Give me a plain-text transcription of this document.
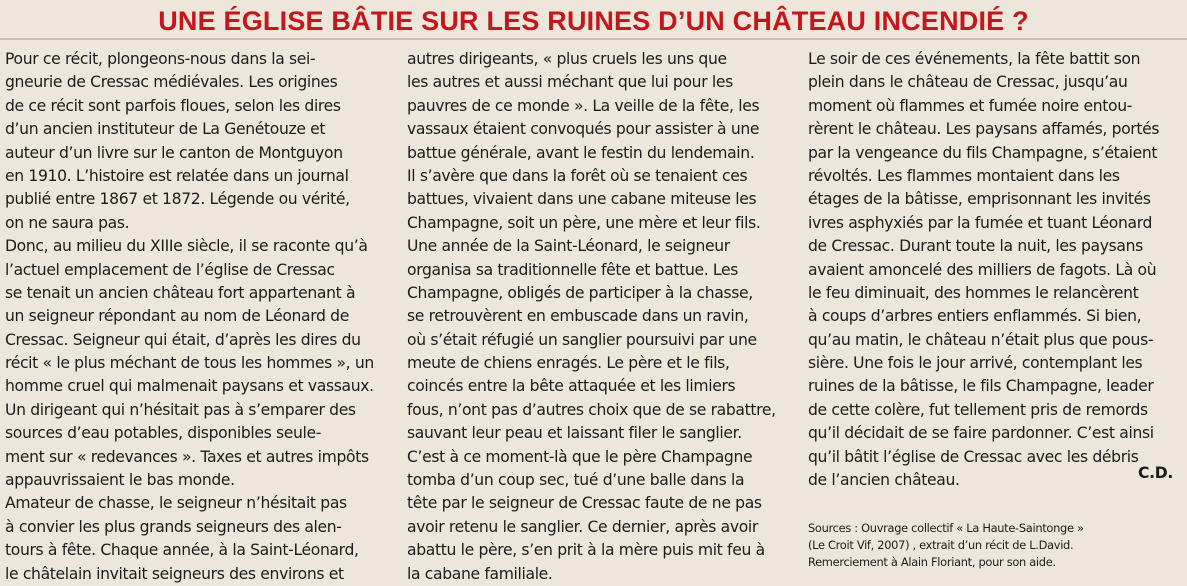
UNE ÉGLISE BÂTIE SUR LES RUINES D’UN CHÂTEAU INCENDIÉ ?
Pour ce récit, plongeons-nous dans la sei-
gneurie de Cressac médiévales. Les origines
de ce récit sont parfois floues, selon les dires
d’un ancien instituteur de La Genétouze et
auteur d’un livre sur le canton de Montguyon
en 1910. L’histoire est relatée dans un journal
publié entre 1867 et 1872. Légende ou vérité,
on ne saura pas.
Donc, au milieu du XIIIe siècle, il se raconte qu’à
l’actuel emplacement de l’église de Cressac
se tenait un ancien château fort appartenant à
un seigneur répondant au nom de Léonard de
Cressac. Seigneur qui était, d’après les dires du
récit « le plus méchant de tous les hommes », un
homme cruel qui malmenait paysans et vassaux.
Un dirigeant qui n’hésitait pas à s’emparer des
sources d’eau potables, disponibles seule-
ment sur « redevances ». Taxes et autres impôts
appauvrissaient le bas monde.
Amateur de chasse, le seigneur n’hésitait pas
à convier les plus grands seigneurs des alen-
tours à fête. Chaque année, à la Saint-Léonard,
le châtelain invitait seigneurs des environs et
autres dirigeants, « plus cruels les uns que
les autres et aussi méchant que lui pour les
pauvres de ce monde ». La veille de la fête, les
vassaux étaient convoqués pour assister à une
battue générale, avant le festin du lendemain.
Il s’avère que dans la forêt où se tenaient ces
battues, vivaient dans une cabane miteuse les
Champagne, soit un père, une mère et leur fils.
Une année de la Saint-Léonard, le seigneur
organisa sa traditionnelle fête et battue. Les
Champagne, obligés de participer à la chasse,
se retrouvèrent en embuscade dans un ravin,
où s’était réfugié un sanglier poursuivi par une
meute de chiens enragés. Le père et le fils,
coincés entre la bête attaquée et les limiers
fous, n’ont pas d’autres choix que de se rabattre,
sauvant leur peau et laissant filer le sanglier.
C’est à ce moment-là que le père Champagne
tomba d’un coup sec, tué d’une balle dans la
tête par le seigneur de Cressac faute de ne pas
avoir retenu le sanglier. Ce dernier, après avoir
abattu le père, s’en prit à la mère puis mit feu à
la cabane familiale.
Le soir de ces événements, la fête battit son
plein dans le château de Cressac, jusqu’au
moment où flammes et fumée noire entou-
rèrent le château. Les paysans affamés, portés
par la vengeance du fils Champagne, s’étaient
révoltés. Les flammes montaient dans les
étages de la bâtisse, emprisonnant les invités
ivres asphyxiés par la fumée et tuant Léonard
de Cressac. Durant toute la nuit, les paysans
avaient amoncelé des milliers de fagots. Là où
le feu diminuait, des hommes le relancèrent
à coups d’arbres entiers enflammés. Si bien,
qu’au matin, le château n’était plus que pous-
sière. Une fois le jour arrivé, contemplant les
ruines de la bâtisse, le fils Champagne, leader
de cette colère, fut tellement pris de remords
qu’il décidait de se faire pardonner. C’est ainsi
qu’il bâtit l’église de Cressac avec les débris
de l’ancien château.	C.D.
Sources : Ouvrage collectif « La Haute-Saintonge »
(Le Croit Vif, 2007) , extrait d’un récit de L.David.
Remerciement à Alain Floriant, pour son aide.
